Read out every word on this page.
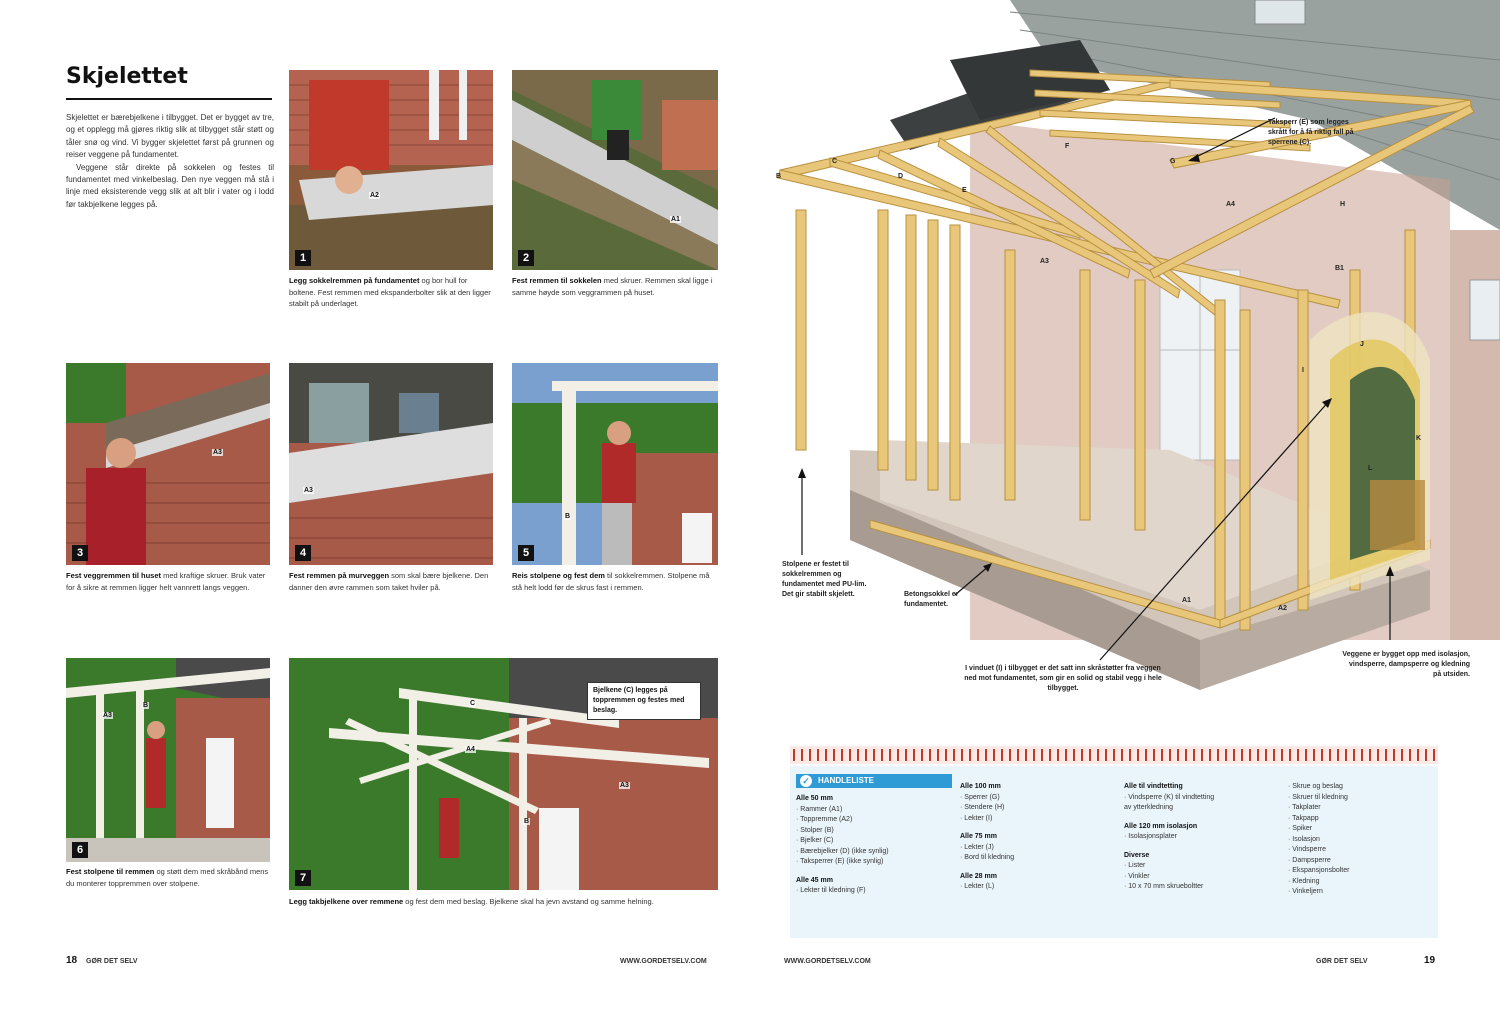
Skjelettet

Skjelettet er bærebjelkene i tilbygget. Det er bygget av tre, og et opplegg må gjøres riktig slik at tilbygget står støtt og tåler snø og vind. Vi bygger skjelettet først på grunnen og reiser veggene på fundamentet.

Veggene står direkte på sokkelen og festes til fundamentet med vinkelbeslag. Den nye veggen må stå i linje med eksisterende vegg slik at alt blir i vater og i lodd før takbjelkene legges på.

A2
1
A1
2
Legg sokkelremmen på fundamentet og bor hull for boltene. Fest remmen med ekspanderbolter slik at den ligger stabilt på underlaget.
Fest remmen til sokkelen med skruer. Remmen skal ligge i samme høyde som veggrammen på huset.
A3
3
A3
4
B
5
Fest veggremmen til huset med kraftige skruer. Bruk vater for å sikre at remmen ligger helt vannrett langs veggen.
Fest remmen på murveggen som skal bære bjelkene. Den danner den øvre rammen som taket hviler på.
Reis stolpene og fest dem til sokkelremmen. Stolpene må stå helt lodd før de skrus fast i remmen.
A3
B
6
C
A4
B
A3
Bjelkene (C) legges på toppremmen og festes med beslag.
7
Fest stolpene til remmen og støtt dem med skråbånd mens du monterer toppremmen over stolpene.
Legg takbjelkene over remmene og fest dem med beslag. Bjelkene skal ha jevn avstand og samme helning.
18 GØR DET SELV	WWW.GORDETSELV.COM
B
C
D
E
F
G
A4
A3
H
B1
A1
A2
I
J
K
L
Taksperr (E) som legges skrått for å få riktig fall på sperrene (C).
Stolpene er festet til sokkelremmen og fundamentet med PU-lim. Det gir stabilt skjelett.	Betongsokkel er fundamentet.
I vinduet (I) i tilbygget er det satt inn skråstøtter fra veggen ned mot fundamentet, som gir en solid og stabil vegg i hele tilbygget.
Veggene er bygget opp med isolasjon, vindsperre, dampsperre og kledning på utsiden.
✓ HANDLELISTE
Alle 50 mm
· Rammer (A1)
· Toppremme (A2)
· Stolper (B)
· Bjelker (C)
· Bærebjelker (D) (ikke synlig)
· Taksperrer (E) (ikke synlig)
Alle 45 mm
· Lekter til kledning (F)
Alle 100 mm
· Sperrer (G)
· Stendere (H)
· Lekter (I)
Alle 75 mm
· Lekter (J)
· Bord til kledning
Alle 28 mm
· Lekter (L)
Alle til vindtetting
· Vindsperre (K) til vindtetting
av ytterkledning
Alle 120 mm isolasjon
· Isolasjonsplater
Diverse
· Lister
· Vinkler
· 10 x 70 mm skrueboltter
· Skrue og beslag
· Skruer til kledning
· Takplater
· Takpapp
· Spiker
· Isolasjon
· Vindsperre
· Dampsperre
· Ekspansjonsbolter
· Kledning
· Vinkeljern
WWW.GORDETSELV.COM	GØR DET SELV	19
